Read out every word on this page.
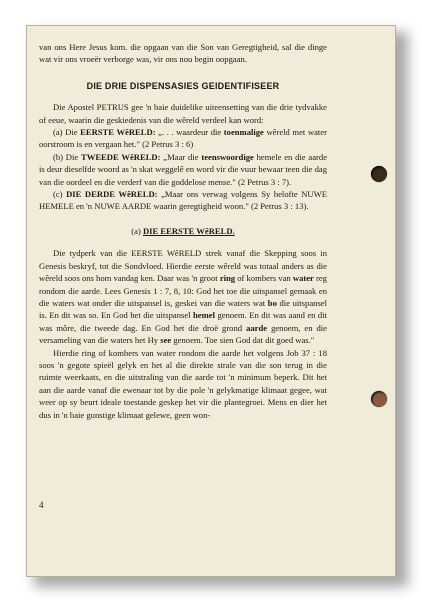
van ons Here Jesus kom. die opgaan van die Son van Geregtigheid, sal die dinge wat vir ons vroeër verborge was, vir ons nou begin oopgaan.

DIE DRIE DISPENSASIES GEIDENTIFISEER

Die Apostel PETRUS gee 'n baie duidelike uiteensetting van die drie tydvakke of eeue, waarin die geskiedenis van die wêreld verdeel kan word:

(a) Die EERSTE WêRELD: „. . . waardeur die toenmalige wêreld met water oorstroom is en vergaan het." (2 Petrus 3 : 6)

(b) Die TWEEDE WêRELD: „Maar die teenswoordige hemele en die aarde is deur dieselfde woord as 'n skat weggelê en word vir die vuur bewaar teen die dag van die oordeel en die verderf van die goddelose mense." (2 Petrus 3 : 7).

(c) DIE DERDE WêRELD: „Maar ons verwag volgens Sy belofte NUWE HEMELE en 'n NUWE AARDE waarin geregtigheid woon." (2 Petrus 3 : 13).

(a) DIE EERSTE WêRELD.

Die tydperk van die EERSTE WêRELD strek vanaf die Skepping soos in Genesis beskryf, tot die Sondvloed. Hierdie eerste wêreld was totaal anders as die wêreld soos ons hom vandag ken. Daar was 'n groot ring of kombers van water reg rondom die aarde. Lees Genesis 1 : 7, 8, 10: God het toe die uitspansel gemaak en die waters wat onder die uitspansel is, geskei van die waters wat bo die uitspansel is. En dit was so. En God het die uitspansel hemel genoem. En dit was aand en dit was môre, die tweede dag. En God het die droë grond aarde genoem, en die versameling van die waters het Hy see genoem. Toe sien God dat dit goed was."

Hierdie ring of kombers van water rondom die aarde het volgens Job 37 : 18 soos 'n gegote spieël gelyk en het al die direkte strale van die son terug in die ruimte weerkaats, en die uitstraling van die aarde tot 'n minimum beperk. Dit het aan die aarde vanaf die ewenaar tot by die pole 'n gelykmatige klimaat gegee, wat weer op sy beurt ideale toestande geskep het vir die plantegroei. Mens en dier het dus in 'n baie gunstige klimaat gelewe, geen won-

4
